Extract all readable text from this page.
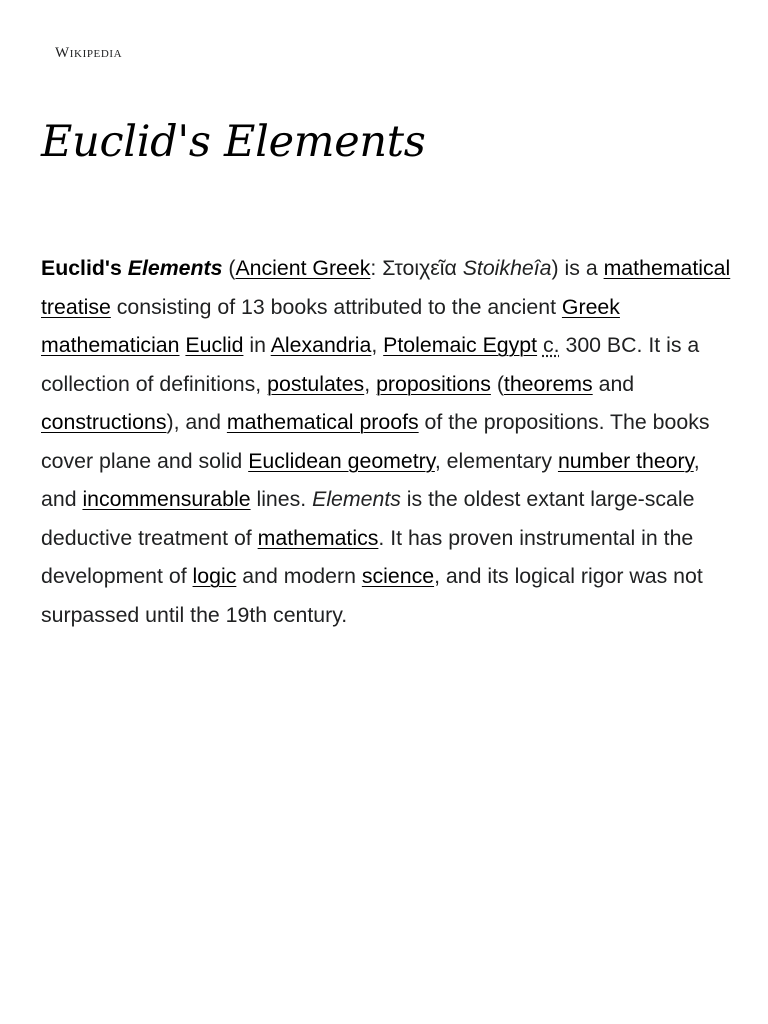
Wikipedia
Euclid's Elements

Euclid's Elements (Ancient Greek: Στοιχεῖα Stoikheîa) is a mathematical treatise consisting of 13 books attributed to the ancient Greek mathematician Euclid in Alexandria, Ptolemaic Egypt c. 300 BC. It is a collection of definitions, postulates, propositions (theorems and constructions), and mathematical proofs of the propositions. The books cover plane and solid Euclidean geometry, elementary number theory, and incommensurable lines. Elements is the oldest extant large-scale deductive treatment of mathematics. It has proven instrumental in the development of logic and modern science, and its logical rigor was not surpassed until the 19th century.
